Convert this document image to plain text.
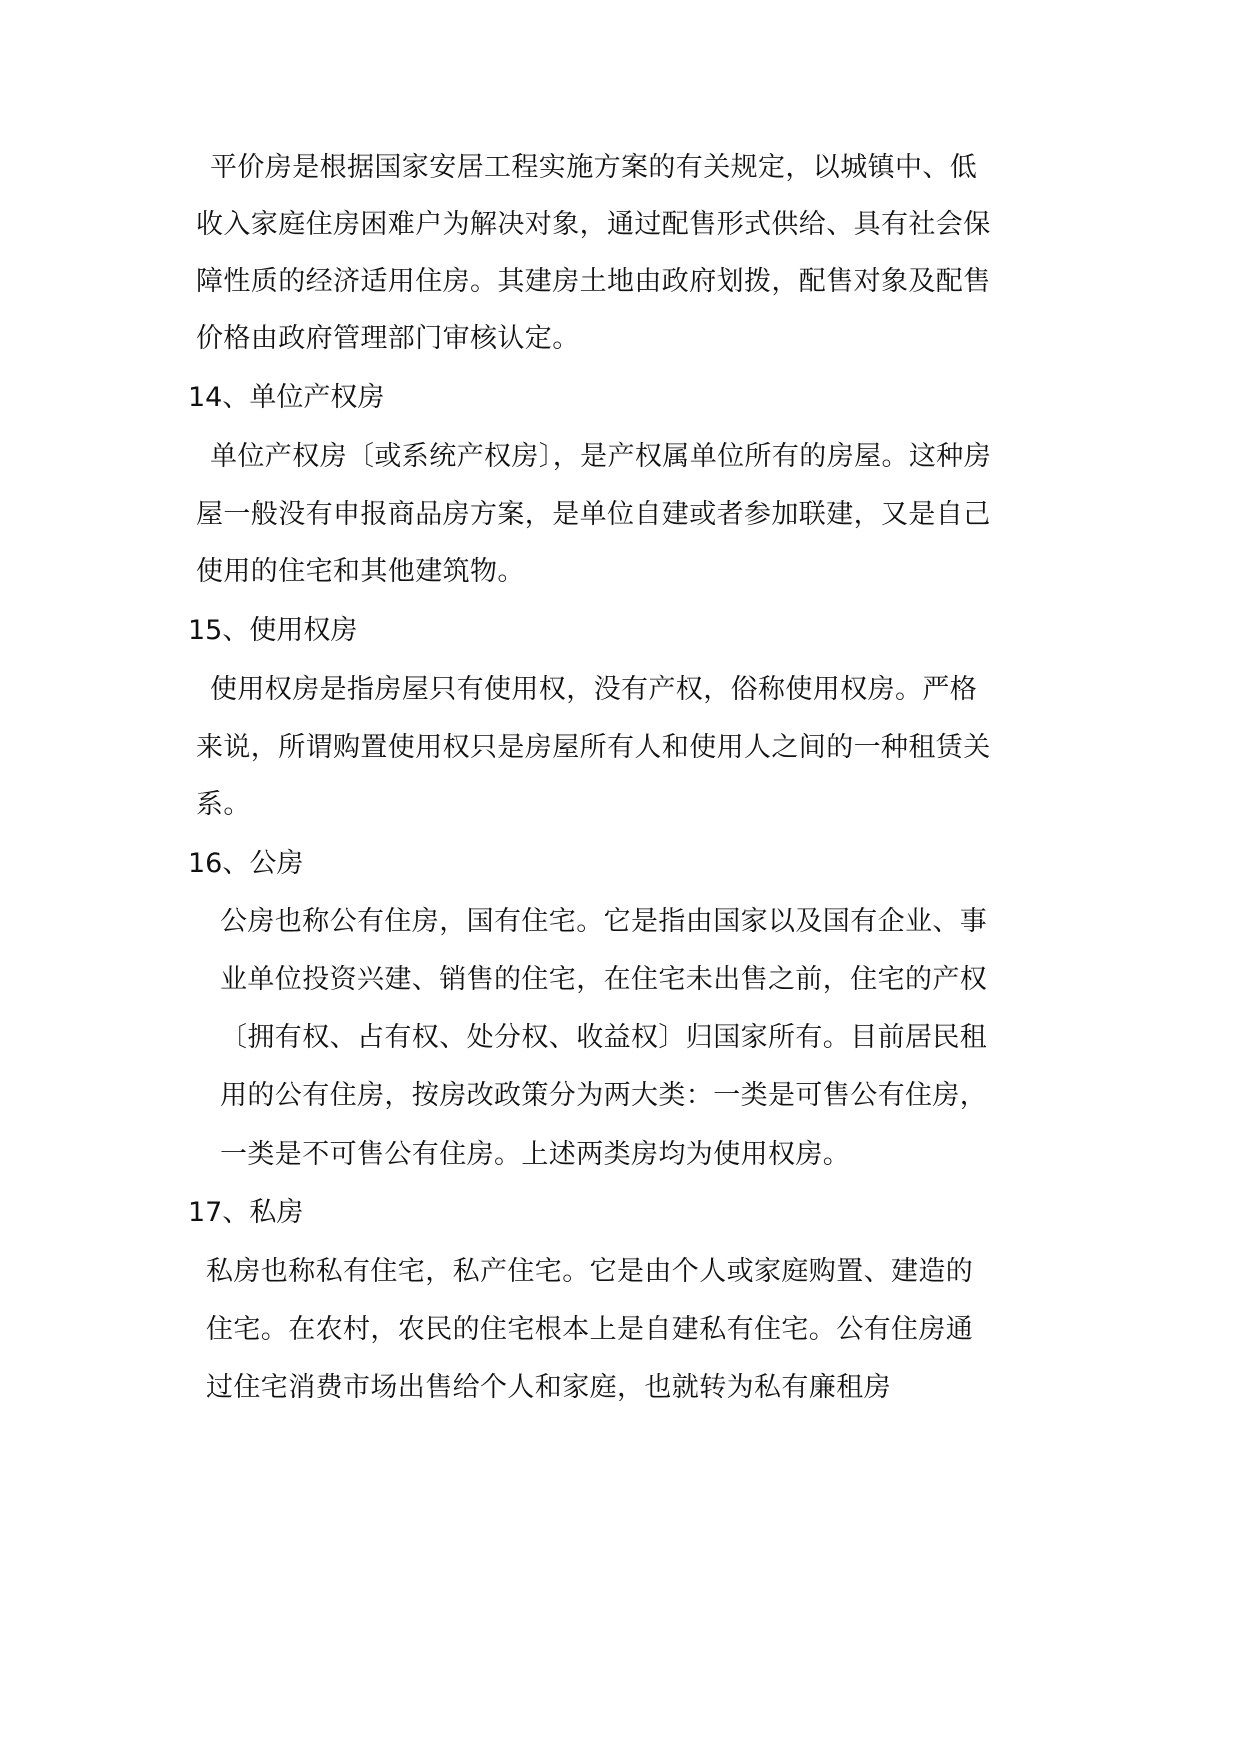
平价房是根据国家安居工程实施方案的有关规定，以城镇中、低
收入家庭住房困难户为解决对象，通过配售形式供给、具有社会保
障性质的经济适用住房。其建房土地由政府划拨，配售对象及配售
价格由政府管理部门审核认定。
14、单位产权房
单位产权房〔或系统产权房〕，是产权属单位所有的房屋。这种房
屋一般没有申报商品房方案，是单位自建或者参加联建，又是自己
使用的住宅和其他建筑物。
15、使用权房
使用权房是指房屋只有使用权，没有产权，俗称使用权房。严格
来说，所谓购置使用权只是房屋所有人和使用人之间的一种租赁关
系。
16、公房
公房也称公有住房，国有住宅。它是指由国家以及国有企业、事
业单位投资兴建、销售的住宅，在住宅未出售之前，住宅的产权
〔拥有权、占有权、处分权、收益权〕归国家所有。目前居民租
用的公有住房，按房改政策分为两大类：一类是可售公有住房，
一类是不可售公有住房。上述两类房均为使用权房。
17、私房
私房也称私有住宅，私产住宅。它是由个人或家庭购置、建造的
住宅。在农村，农民的住宅根本上是自建私有住宅。公有住房通
过住宅消费市场出售给个人和家庭，也就转为私有廉租房
